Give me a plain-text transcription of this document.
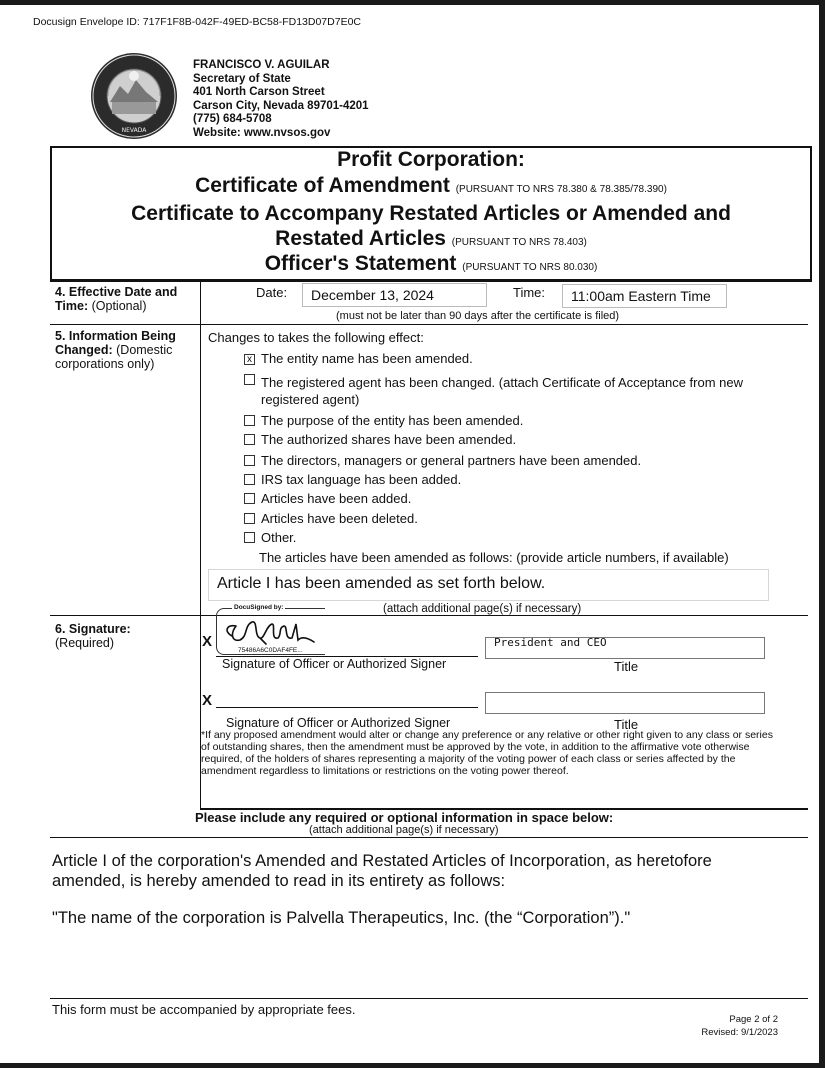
Docusign Envelope ID: 717F1F8B-042F-49ED-BC58-FD13D07D7E0C
NEVADA
FRANCISCO V. AGUILAR
Secretary of State
401 North Carson Street
Carson City, Nevada 89701-4201
(775) 684-5708
Website: www.nvsos.gov
Profit Corporation:
Certificate of Amendment (PURSUANT TO NRS 78.380 & 78.385/78.390)
Certificate to Accompany Restated Articles or Amended and
Restated Articles (PURSUANT TO NRS 78.403)
Officer's Statement (PURSUANT TO NRS 80.030)
4. Effective Date and
Time: (Optional)
Date:	December 13, 2024	Time:	11:00am Eastern Time
(must not be later than 90 days after the certificate is filed)
5. Information Being
Changed: (Domestic
corporations only)
Changes to takes the following effect:
x The entity name has been amended.
The registered agent has been changed. (attach Certificate of Acceptance from new
registered agent)
The purpose of the entity has been amended.
The authorized shares have been amended.
The directors, managers or general partners have been amended.
IRS tax language has been added.
Articles have been added.
Articles have been deleted.
Other.
The articles have been amended as follows: (provide article numbers, if available)
Article I has been amended as set forth below.
(attach additional page(s) if necessary)
6. Signature:
(Required)
DocuSigned by:
X
75486A6C0DAF4FE...
Signature of Officer or Authorized Signer
President and CEO
Title
X
Signature of Officer or Authorized Signer	Title
*If any proposed amendment would alter or change any preference or any relative or other right given to any class or series of outstanding shares, then the amendment must be approved by the vote, in addition to the affirmative vote otherwise required, of the holders of shares representing a majority of the voting power of each class or series affected by the amendment regardless to limitations or restrictions on the voting power thereof.
Please include any required or optional information in space below:
(attach additional page(s) if necessary)
Article I of the corporation's Amended and Restated Articles of Incorporation, as heretofore amended, is hereby amended to read in its entirety as follows:
"The name of the corporation is Palvella Therapeutics, Inc. (the “Corporation”)."
This form must be accompanied by appropriate fees.
Page 2 of 2
Revised: 9/1/2023
